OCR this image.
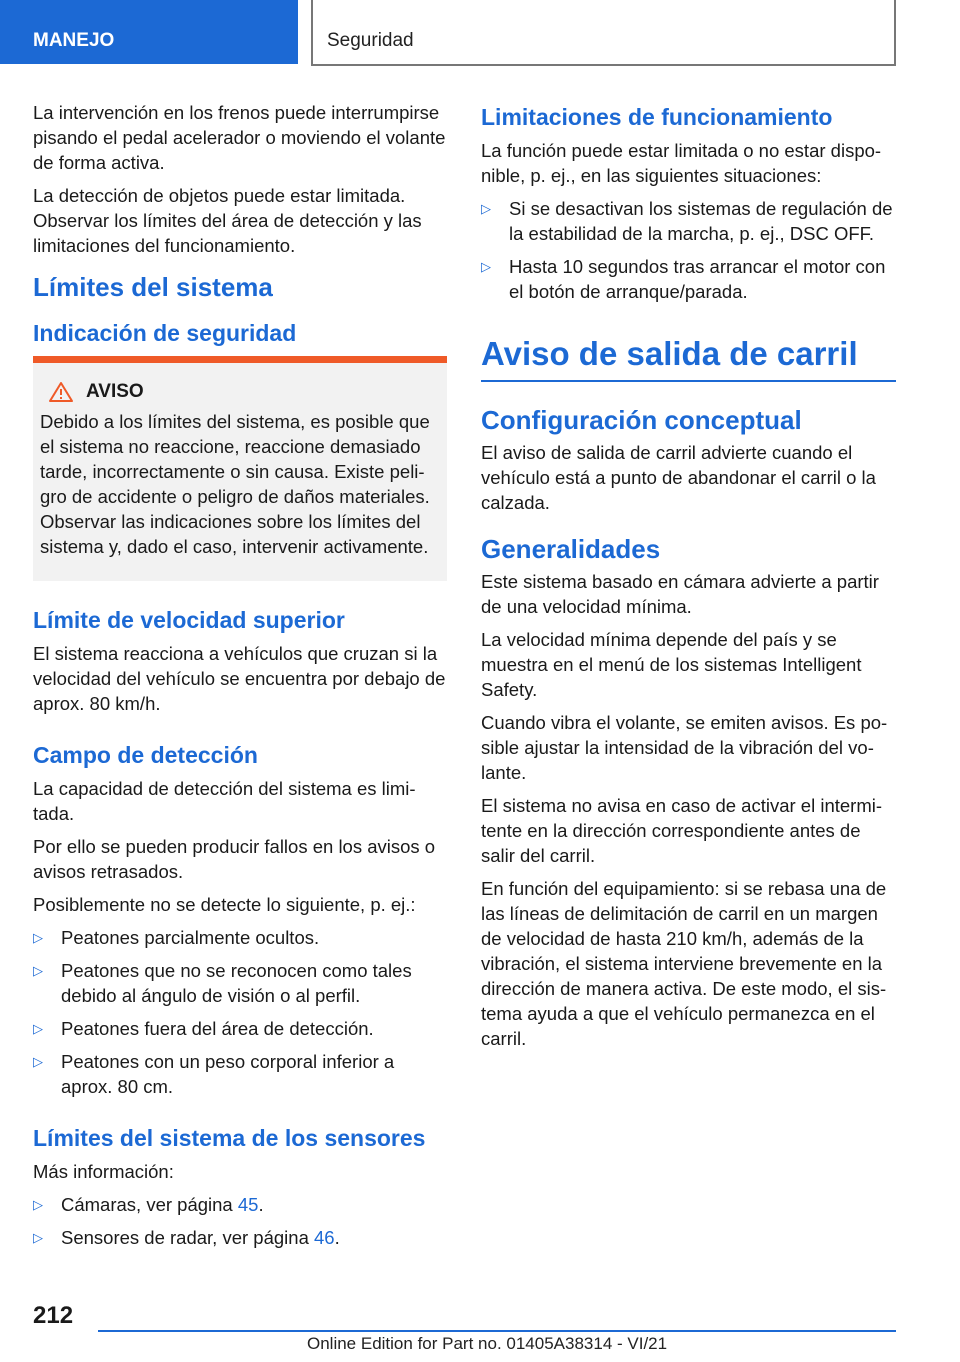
MANEJO	Seguridad

La intervención en los frenos puede interrumpirse pisando el pedal acelerador o moviendo el volante de forma activa.

La detección de objetos puede estar limitada. Observar los límites del área de detección y las limitaciones del funcionamiento.

Límites del sistema
Indicación de seguridad
AVISO

Debido a los límites del sistema, es posible que el sistema no reaccione, reaccione demasiado tarde, incorrectamente o sin causa. Existe peligro de accidente o peligro de daños materiales. Observar las indicaciones sobre los límites del sistema y, dado el caso, intervenir activamente.

Límite de velocidad superior

El sistema reacciona a vehículos que cruzan si la velocidad del vehículo se encuentra por debajo de aprox. 80 km/h.

Campo de detección

La capacidad de detección del sistema es limitada.

Por ello se pueden producir fallos en los avisos o avisos retrasados.

Posiblemente no se detecte lo siguiente, p. ej.:

▷ Peatones parcialmente ocultos.
▷ Peatones que no se reconocen como tales debido al ángulo de visión o al perfil.
▷ Peatones fuera del área de detección.
▷ Peatones con un peso corporal inferior a aprox. 80 cm.
Límites del sistema de los sensores

Más información:

▷ Cámaras, ver página 45.
▷ Sensores de radar, ver página 46.
Limitaciones de funcionamiento

La función puede estar limitada o no estar disponible, p. ej., en las siguientes situaciones:

▷ Si se desactivan los sistemas de regulación de la estabilidad de la marcha, p. ej., DSC OFF.
▷ Hasta 10 segundos tras arrancar el motor con el botón de arranque/parada.
Aviso de salida de carril
Configuración conceptual

El aviso de salida de carril advierte cuando el vehículo está a punto de abandonar el carril o la calzada.

Generalidades

Este sistema basado en cámara advierte a partir de una velocidad mínima.

La velocidad mínima depende del país y se muestra en el menú de los sistemas Intelligent Safety.

Cuando vibra el volante, se emiten avisos. Es posible ajustar la intensidad de la vibración del volante.

El sistema no avisa en caso de activar el intermitente en la dirección correspondiente antes de salir del carril.

En función del equipamiento: si se rebasa una de las líneas de delimitación de carril en un margen de velocidad de hasta 210 km/h, además de la vibración, el sistema interviene brevemente en la dirección de manera activa. De este modo, el sistema ayuda a que el vehículo permanezca en el carril.

212
Online Edition for Part no. 01405A38314 - VI/21
